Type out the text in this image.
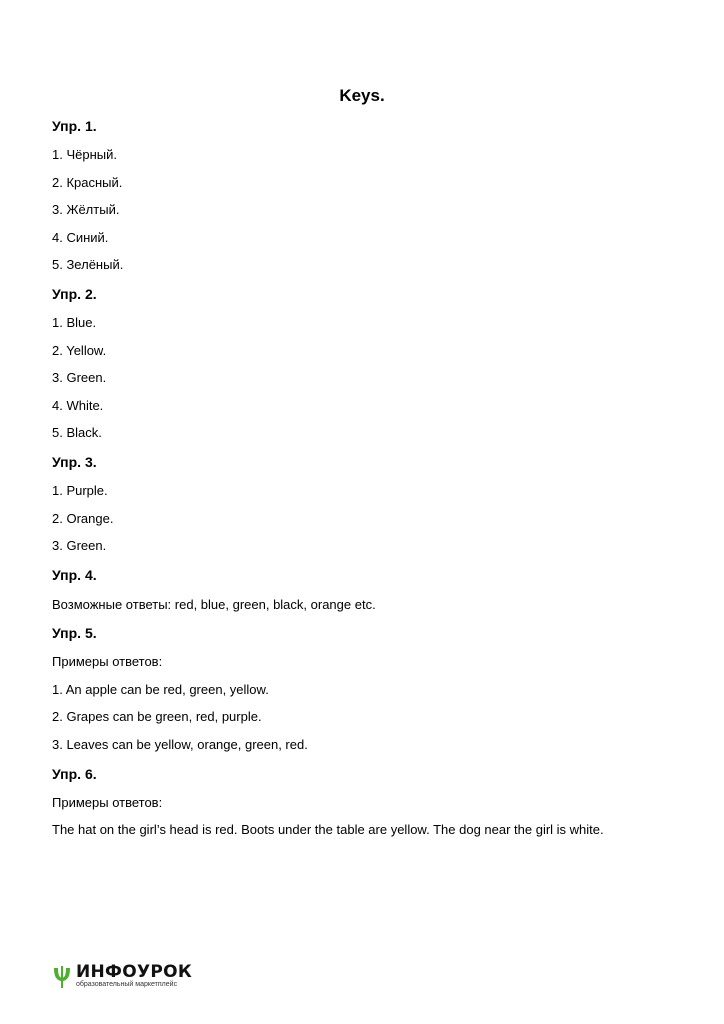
Keys.
Упр. 1.
1. Чёрный.
2. Красный.
3. Жёлтый.
4. Синий.
5. Зелёный.
Упр. 2.
1. Blue.
2. Yellow.
3. Green.
4. White.
5. Black.
Упр. 3.
1. Purple.
2. Orange.
3. Green.
Упр. 4.
Возможные ответы: red, blue, green, black, orange etc.
Упр. 5.
Примеры ответов:
1. An apple can be red, green, yellow.
2. Grapes can be green, red, purple.
3. Leaves can be yellow, orange, green, red.
Упр. 6.
Примеры ответов:
The hat on the girl’s head is red. Boots under the table are yellow. The dog near the girl is white.
ИНФОУРОК
образовательный маркетплейс
